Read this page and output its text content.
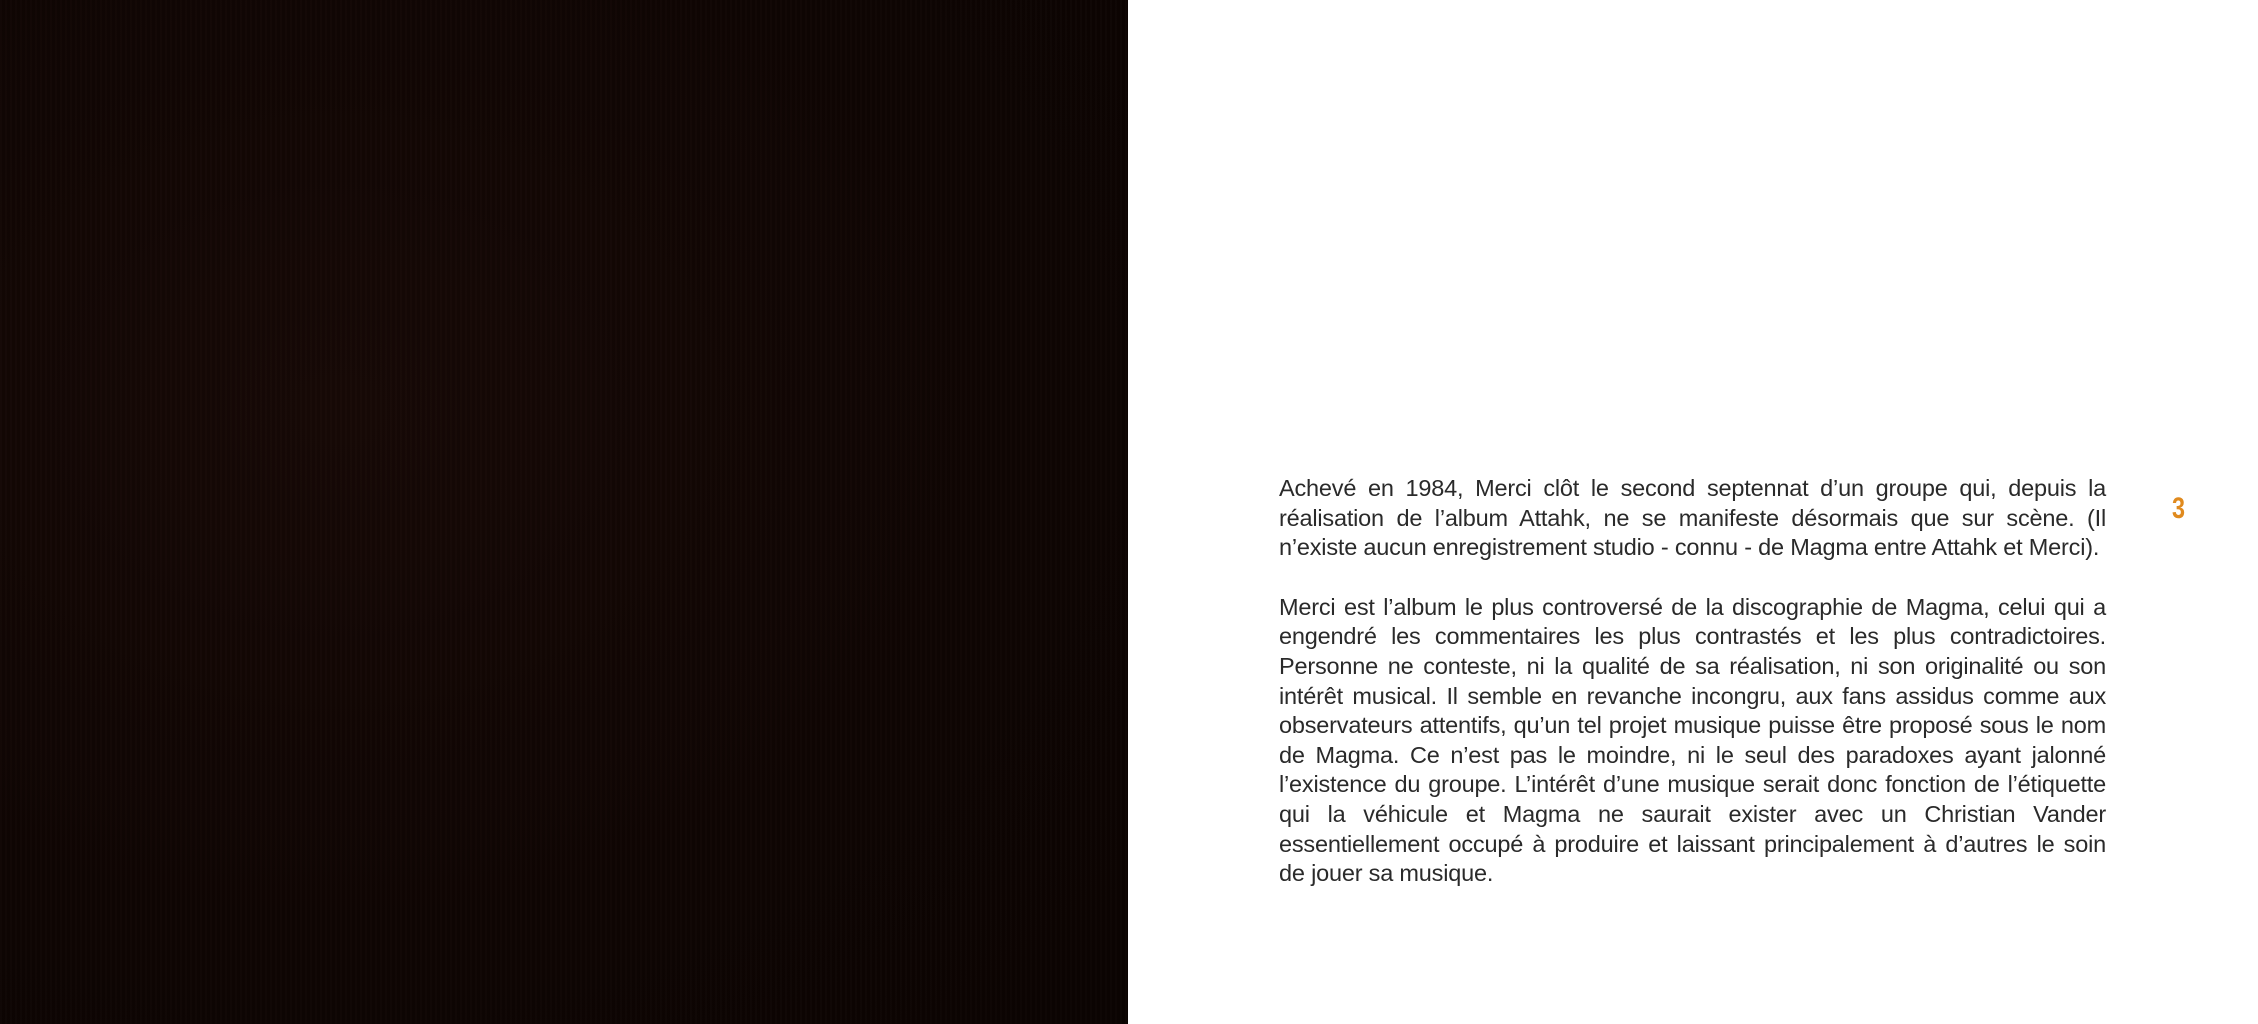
Achevé en 1984, Merci clôt le second septennat d’un groupe qui, depuis la réalisation de l’album Attahk, ne se manifeste désormais que sur scène. (Il n’existe aucun enregistrement studio - connu - de Magma entre Attahk et Merci).

Merci est l’album le plus controversé de la discographie de Magma, celui qui a engendré les commentaires les plus contrastés et les plus contradictoires. Personne ne conteste, ni la qualité de sa réalisation, ni son originalité ou son intérêt musical. Il semble en revanche incongru, aux fans assidus comme aux observateurs attentifs, qu’un tel projet musique puisse être proposé sous le nom de Magma. Ce n’est pas le moindre, ni le seul des paradoxes ayant jalonné l’existence du groupe. L’intérêt d’une musique serait donc fonction de l’étiquette qui la véhicule et Magma ne saurait exister avec un Christian Vander essentiellement occupé à produire et laissant principalement à d’autres le soin de jouer sa musique.

3
